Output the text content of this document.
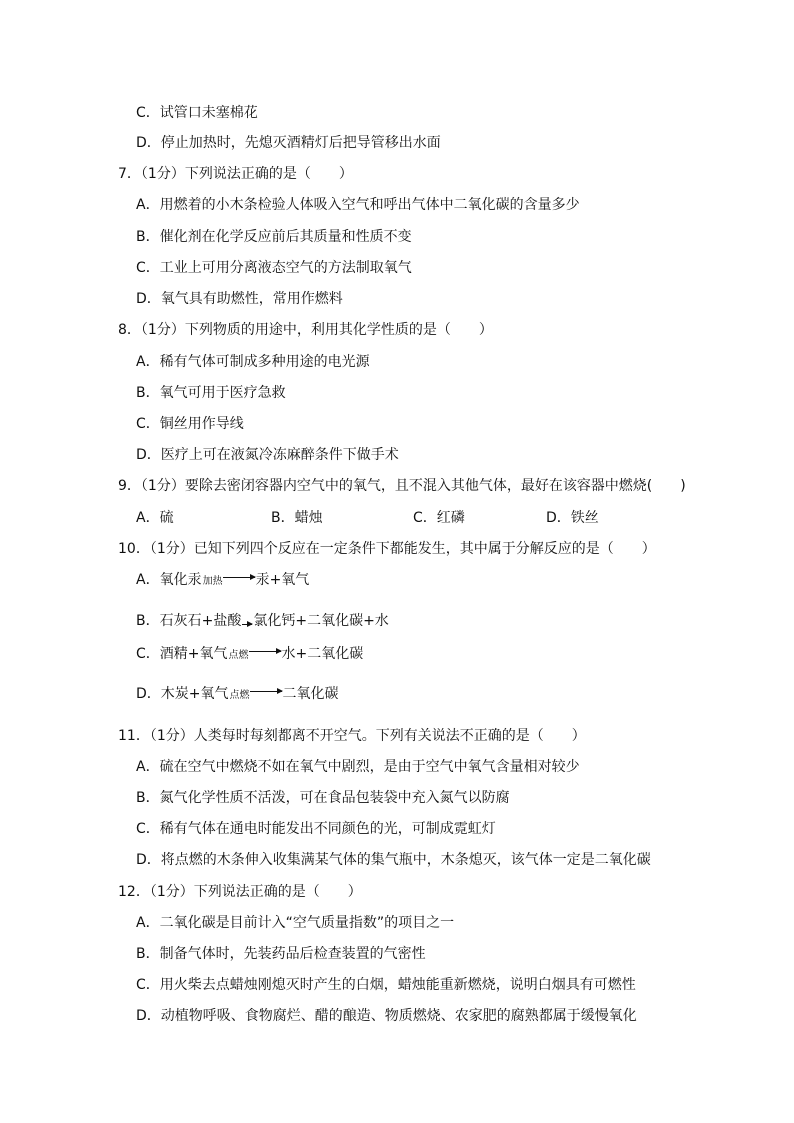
C．试管口未塞棉花
D．停止加热时，先熄灭酒精灯后把导管移出水面
7．（1分）下列说法正确的是（　　）
A．用燃着的小木条检验人体吸入空气和呼出气体中二氧化碳的含量多少
B．催化剂在化学反应前后其质量和性质不变
C．工业上可用分离液态空气的方法制取氧气
D．氧气具有助燃性，常用作燃料
8．（1分）下列物质的用途中，利用其化学性质的是（　　）
A．稀有气体可制成多种用途的电光源
B．氧气可用于医疗急救
C．铜丝用作导线
D．医疗上可在液氮冷冻麻醉条件下做手术
9．（1分）要除去密闭容器内空气中的氧气，且不混入其他气体，最好在该容器中燃烧(　　)
A．硫	B．蜡烛	C．红磷	D．铁丝
10．（1分）已知下列四个反应在一定条件下都能发生，其中属于分解反应的是（　　）
A．氧化汞加热 汞+氧气
B．石灰石+盐酸 氯化钙+二氧化碳+水
C．酒精+氧气点燃 水+二氧化碳
D．木炭+氧气点燃 二氧化碳
11．（1分）人类每时每刻都离不开空气。下列有关说法不正确的是（　　）
A．硫在空气中燃烧不如在氧气中剧烈，是由于空气中氧气含量相对较少
B．氮气化学性质不活泼，可在食品包装袋中充入氮气以防腐
C．稀有气体在通电时能发出不同颜色的光，可制成霓虹灯
D．将点燃的木条伸入收集满某气体的集气瓶中，木条熄灭，该气体一定是二氧化碳
12．（1分）下列说法正确的是（　　）
A．二氧化碳是目前计入“空气质量指数”的项目之一
B．制备气体时，先装药品后检查装置的气密性
C．用火柴去点蜡烛刚熄灭时产生的白烟，蜡烛能重新燃烧，说明白烟具有可燃性
D．动植物呼吸、食物腐烂、醋的酿造、物质燃烧、农家肥的腐熟都属于缓慢氧化
